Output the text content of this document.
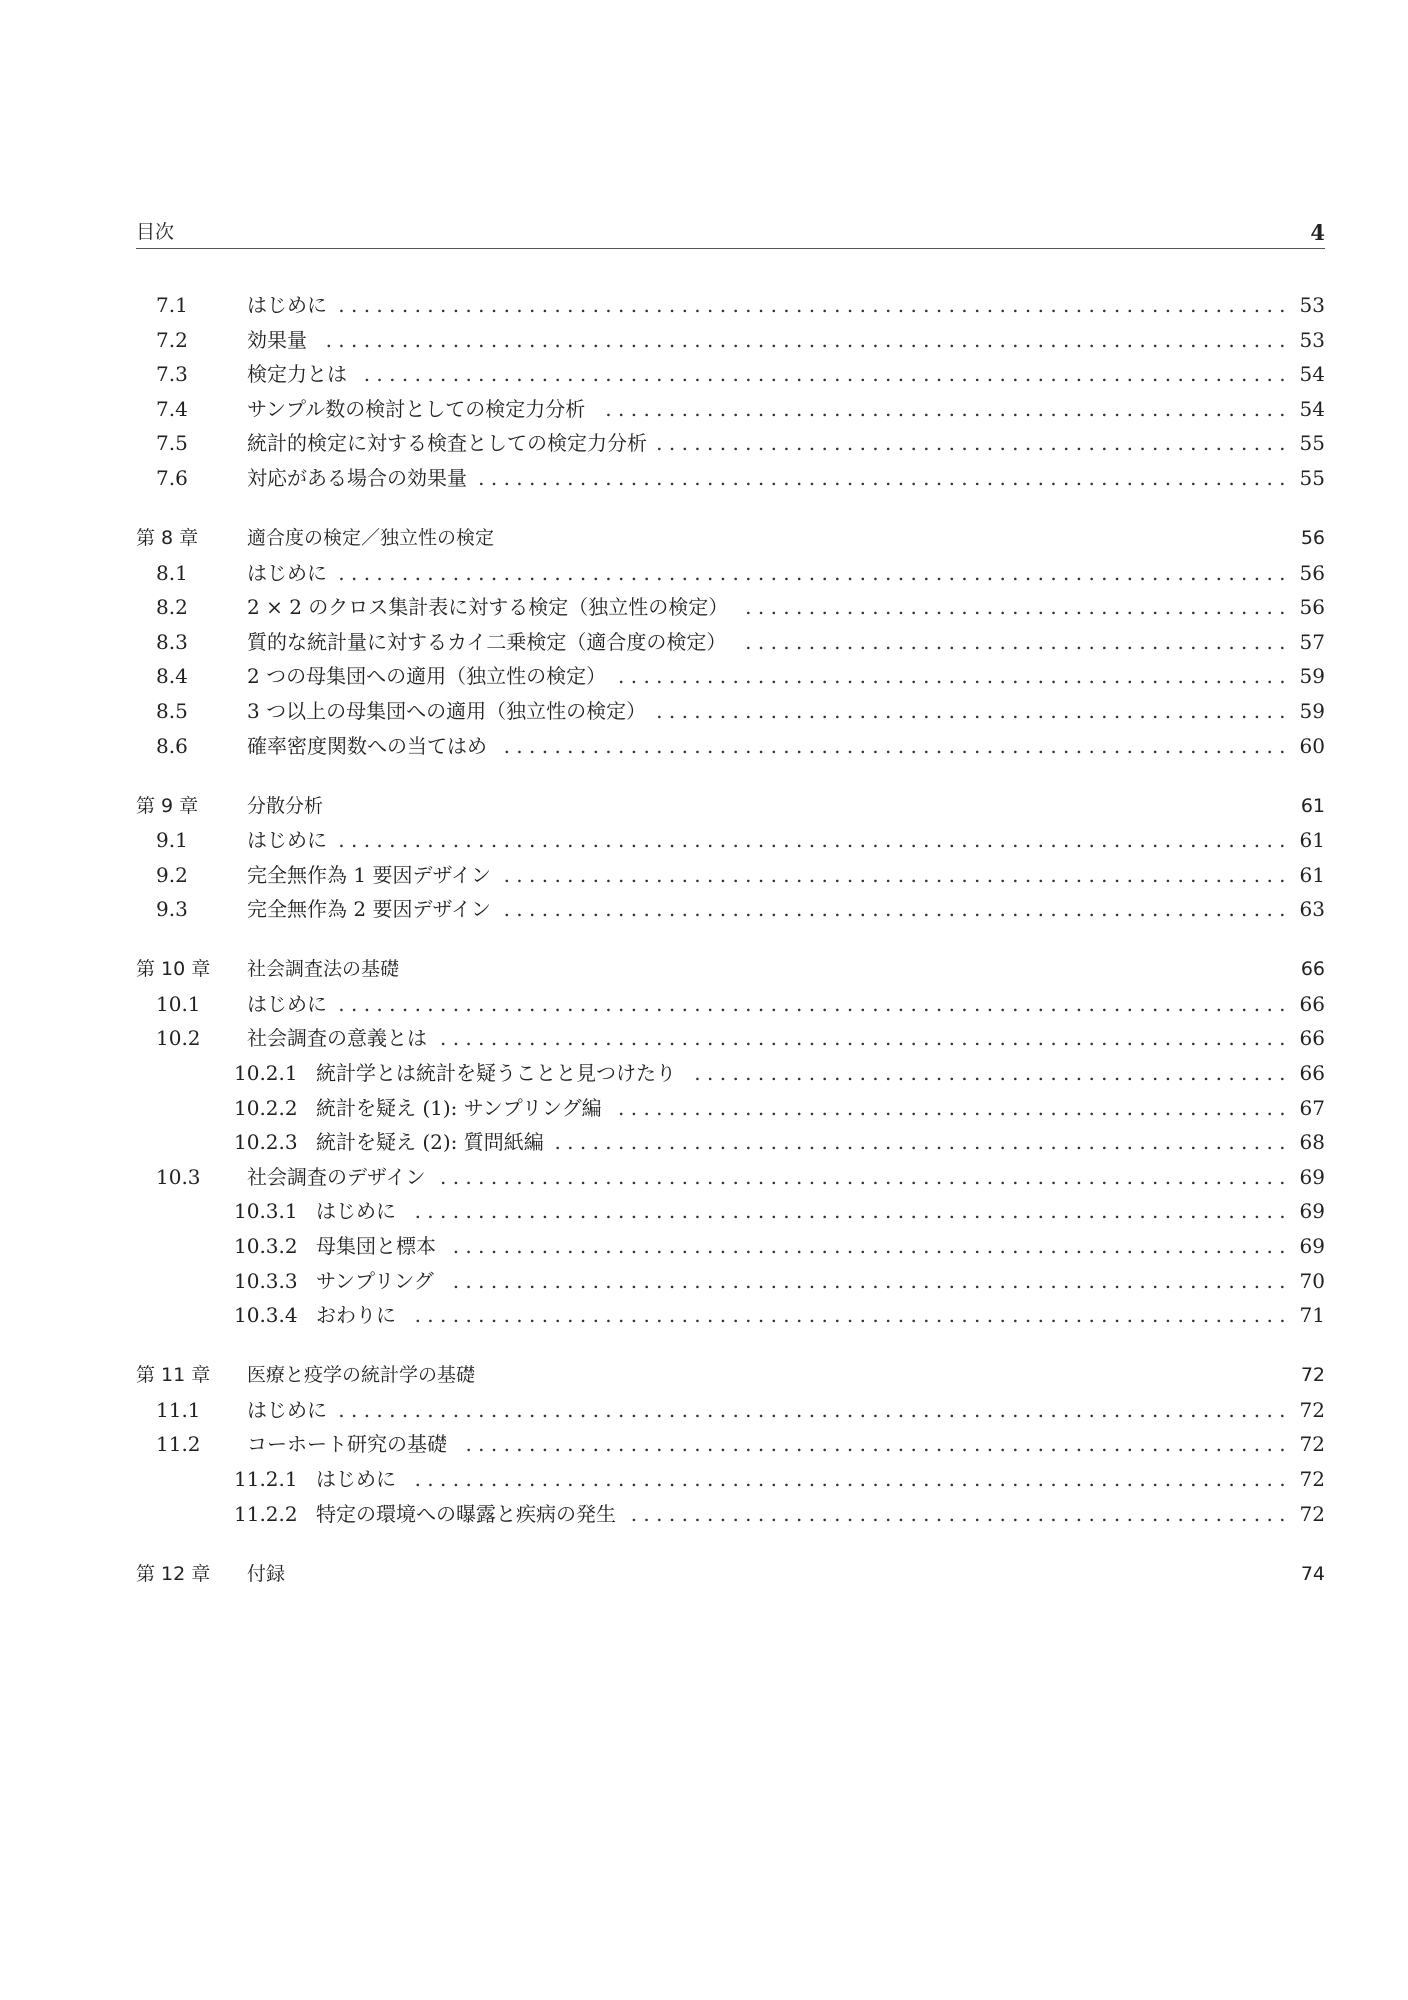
目次	4
7.1	はじめに . . . . . . . . . . . . . . . . . . . . . . . . . . . . . . . . . . . . . . . . . . . . . . . . . . . . . . . . . . . . . . . . . . . . . . . . . . . 53
7.2	効果量 . . . . . . . . . . . . . . . . . . . . . . . . . . . . . . . . . . . . . . . . . . . . . . . . . . . . . . . . . . . . . . . . . . . . . . . . . . . . 53
7.3	検定力とは . . . . . . . . . . . . . . . . . . . . . . . . . . . . . . . . . . . . . . . . . . . . . . . . . . . . . . . . . . . . . . . . . . . . . . . . . 54
7.4	サンプル数の検討としての検定力分析	. . . . . . . . . . . . . . . . . . . . . . . . . . . . . . . . . . . . . . . . . . . . . . . . . . . . . . 54
7.5	統計的検定に対する検査としての検定力分析 . . . . . . . . . . . . . . . . . . . . . . . . . . . . . . . . . . . . . . . . . . . . . . . . . . 55
7.6	対応がある場合の効果量 . . . . . . . . . . . . . . . . . . . . . . . . . . . . . . . . . . . . . . . . . . . . . . . . . . . . . . . . . . . . . . . . 55
第 8 章	適合度の検定／独立性の検定	56
8.1	はじめに . . . . . . . . . . . . . . . . . . . . . . . . . . . . . . . . . . . . . . . . . . . . . . . . . . . . . . . . . . . . . . . . . . . . . . . . . . . 56
8.2	2 × 2 のクロス集計表に対する検定（独立性の検定） . . . . . . . . . . . . . . . . . . . . . . . . . . . . . . . . . . . . . . . . . . . 56
8.3	質的な統計量に対するカイ二乗検定（適合度の検定） . . . . . . . . . . . . . . . . . . . . . . . . . . . . . . . . . . . . . . . . . . . 57
8.4	2 つの母集団への適用（独立性の検定） . . . . . . . . . . . . . . . . . . . . . . . . . . . . . . . . . . . . . . . . . . . . . . . . . . . . . 59
8.5	3 つ以上の母集団への適用（独立性の検定） . . . . . . . . . . . . . . . . . . . . . . . . . . . . . . . . . . . . . . . . . . . . . . . . . . 59
8.6	確率密度関数への当てはめ . . . . . . . . . . . . . . . . . . . . . . . . . . . . . . . . . . . . . . . . . . . . . . . . . . . . . . . . . . . . . . 60
第 9 章	分散分析	61
9.1	はじめに . . . . . . . . . . . . . . . . . . . . . . . . . . . . . . . . . . . . . . . . . . . . . . . . . . . . . . . . . . . . . . . . . . . . . . . . . . . 61
9.2	完全無作為 1 要因デザイン . . . . . . . . . . . . . . . . . . . . . . . . . . . . . . . . . . . . . . . . . . . . . . . . . . . . . . . . . . . . . . 61
9.3	完全無作為 2 要因デザイン . . . . . . . . . . . . . . . . . . . . . . . . . . . . . . . . . . . . . . . . . . . . . . . . . . . . . . . . . . . . . . 63
第 10 章	社会調査法の基礎	66
10.1	はじめに . . . . . . . . . . . . . . . . . . . . . . . . . . . . . . . . . . . . . . . . . . . . . . . . . . . . . . . . . . . . . . . . . . . . . . . . . . . 66
10.2	社会調査の意義とは . . . . . . . . . . . . . . . . . . . . . . . . . . . . . . . . . . . . . . . . . . . . . . . . . . . . . . . . . . . . . . . . . . . 66
10.2.1 統計学とは統計を疑うことと見つけたり . . . . . . . . . . . . . . . . . . . . . . . . . . . . . . . . . . . . . . . . . . . . . . . 66
10.2.2 統計を疑え (1): サンプリング編 . . . . . . . . . . . . . . . . . . . . . . . . . . . . . . . . . . . . . . . . . . . . . . . . . . . . . 67
10.2.3 統計を疑え (2): 質問紙編 . . . . . . . . . . . . . . . . . . . . . . . . . . . . . . . . . . . . . . . . . . . . . . . . . . . . . . . . . . 68
10.3	社会調査のデザイン . . . . . . . . . . . . . . . . . . . . . . . . . . . . . . . . . . . . . . . . . . . . . . . . . . . . . . . . . . . . . . . . . . . 69
10.3.1 はじめに . . . . . . . . . . . . . . . . . . . . . . . . . . . . . . . . . . . . . . . . . . . . . . . . . . . . . . . . . . . . . . . . . . . . . 69
10.3.2 母集団と標本 . . . . . . . . . . . . . . . . . . . . . . . . . . . . . . . . . . . . . . . . . . . . . . . . . . . . . . . . . . . . . . . . . . 69
10.3.3 サンプリング . . . . . . . . . . . . . . . . . . . . . . . . . . . . . . . . . . . . . . . . . . . . . . . . . . . . . . . . . . . . . . . . . . 70
10.3.4 おわりに . . . . . . . . . . . . . . . . . . . . . . . . . . . . . . . . . . . . . . . . . . . . . . . . . . . . . . . . . . . . . . . . . . . . . 71
第 11 章	医療と疫学の統計学の基礎	72
11.1	はじめに . . . . . . . . . . . . . . . . . . . . . . . . . . . . . . . . . . . . . . . . . . . . . . . . . . . . . . . . . . . . . . . . . . . . . . . . . . . 72
11.2	コーホート研究の基礎 . . . . . . . . . . . . . . . . . . . . . . . . . . . . . . . . . . . . . . . . . . . . . . . . . . . . . . . . . . . . . . . . . 72
11.2.1 はじめに . . . . . . . . . . . . . . . . . . . . . . . . . . . . . . . . . . . . . . . . . . . . . . . . . . . . . . . . . . . . . . . . . . . . . 72
11.2.2 特定の環境への曝露と疾病の発生 . . . . . . . . . . . . . . . . . . . . . . . . . . . . . . . . . . . . . . . . . . . . . . . . . . . . 72
第 12 章	付録	74
